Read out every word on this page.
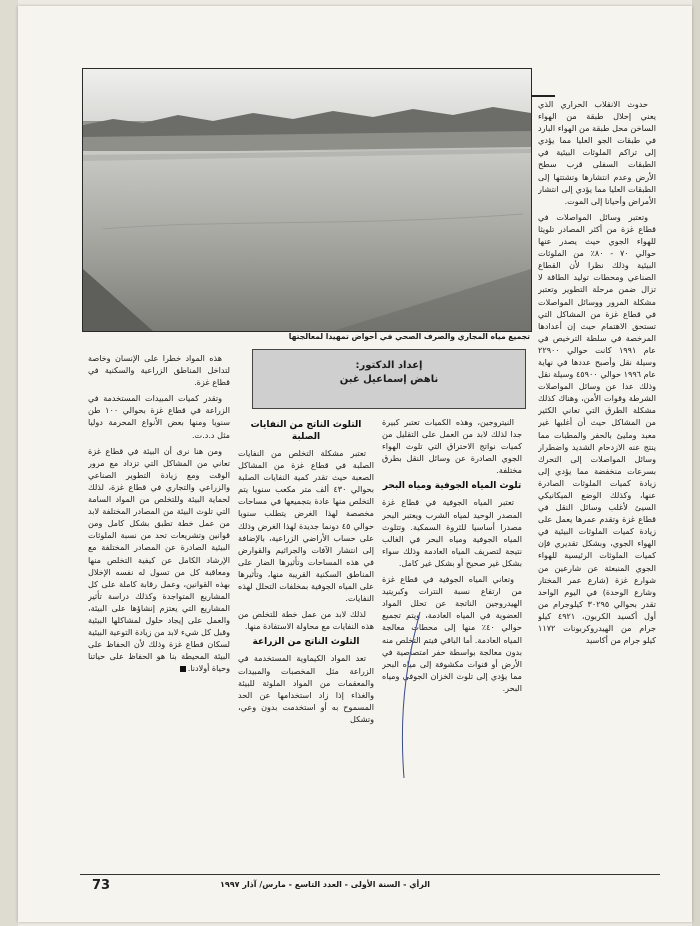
تجميع مياه المجاري والصرف الصحي في أحواض تمهيدا لمعالجتها
إعداد الدكتور:
ناهض إسماعيل غبن

حدوث الانقلاب الحراري الذي يعني إحلال طبقة من الهواء الساخن محل طبقة من الهواء البارد في طبقات الجو العليا مما يؤدي إلى تراكم الملوثات البيئية في الطبقات السفلى قرب سطح الأرض وعدم انتشارها وتشتتها إلى الطبقات العليا مما يؤدي إلى انتشار الأمراض وأحيانا إلى الموت.

وتعتبر وسائل المواصلات في قطاع غزة من أكثر المصادر تلويثا للهواء الجوي حيث يصدر عنها حوالي ٧٠ - ٨٠٪ من الملوثات البيئية وذلك نظرا لأن القطاع الصناعي ومحطات توليد الطاقة لا تزال ضمن مرحلة التطوير وتعتبر مشكلة المرور ووسائل المواصلات في قطاع غزة من المشاكل التي تستحق الاهتمام حيث إن أعدادها المرخصة في سلطة الترخيص في عام ١٩٩١ كانت حوالي ٢٢٩٠٠ وسيلة نقل وأصبح عددها في نهاية عام ١٩٩٦ حوالي ٤٥٩٠٠ وسيلة نقل وذلك عدا عن وسائل المواصلات الشرطة وقوات الأمن، وهناك كذلك مشكلة الطرق التي تعاني الكثير من المشاكل حيث أن أغلبها غير معبد ومليئ بالحفر والمطبات مما ينتج عنه الازدحام الشديد واضطرار وسائل المواصلات إلى التحرك بسرعات منخفضة مما يؤدي إلى زيادة كميات الملوثات الصادرة عنها، وكذلك الوضع الميكانيكي السيئ لأغلب وسائل النقل في قطاع غزة وتقدم عمرها يعمل على زيادة كميات الملوثات البيئية في الهواء الجوي، وبشكل تقديري فإن كميات الملوثات الرئيسية للهواء الجوي المنبعثة عن شارعين من شوارع غزة (شارع عمر المختار وشارع الوحدة) في اليوم الواحد تقدر بحوالي ٣٠٢٩٥ كيلوجرام من أول أكسيد الكربون، ٤٩٢١ كيلو جرام من الهيدروكربونات ١١٧٢ كيلو جرام من أكاسيد

النيتروجين، وهذه الكميات تعتبر كبيرة جدا لذلك لابد من العمل على التقليل من كميات نواتج الاحتراق التي تلوث الهواء الجوي الصادرة عن وسائل النقل بطرق مختلفة.

تلوث المياه الجوفية ومياه البحر

تعتبر المياه الجوفية في قطاع غزة المصدر الوحيد لمياه الشرب ويعتبر البحر مصدرا أساسيا للثروة السمكية. وتتلوث المياه الجوفية ومياه البحر في الغالب نتيجة لتصريف المياه العادمة وذلك سواء بشكل غير صحيح أو بشكل غير كامل.

وتعاني المياه الجوفية في قطاع غزة من ارتفاع نسبة النترات وكبريتيد الهيدروجين الناتجة عن تحلل المواد العضوية في المياه العادمة، ويتم تجميع حوالي ٤٠٪ منها إلى محطات معالجة المياه العادمة. أما الباقي فيتم التخلص منه بدون معالجة بواسطة حفر امتصاصية في الأرض أو قنوات مكشوفة إلى مياه البحر مما يؤدي إلى تلوث الخزان الجوفي ومياه البحر.

التلوث الناتج من النفايات الصلبة

تعتبر مشكلة التخلص من النفايات الصلبة في قطاع غزة من المشاكل الصعبة حيث تقدر كمية النفايات الصلبة بحوالي ٤٣٠ ألف متر مكعب سنويا يتم التخلص منها عادة بتجميعها في مساحات مخصصة لهذا الغرض يتطلب سنويا حوالي ٤٥ دونما جديدة لهذا الغرض وذلك على حساب الأراضي الزراعية، بالإضافة إلى انتشار الآفات والجراثيم والقوارض في هذه المساحات وتأثيرها الضار على المناطق السكنية القريبة منها، وتأثيرها على المياه الجوفية بمخلفات التحلل لهذه النفايات.

لذلك لابد من عمل خطة للتخلص من هذه النفايات مع محاولة الاستفادة منها.

التلوث الناتج من الزراعة

تعد المواد الكيماوية المستخدمة في الزراعة مثل المخصبات والمبيدات والمعقمات من المواد الملوثة للبيئة والغذاء إذا زاد استخدامها عن الحد المسموح به أو استخدمت بدون وعي، وتشكل

هذه المواد خطرا على الإنسان وخاصة لتداخل المناطق الزراعية والسكنية في قطاع غزة.

وتقدر كميات المبيدات المستخدمة في الزراعة في قطاع غزة بحوالي ١٠٠ طن سنويا ومنها بعض الأنواع المحرمة دوليا مثل د.د.ت.

ومن هنا نرى أن البيئة في قطاع غزة تعاني من المشاكل التي تزداد مع مرور الوقت ومع زيادة التطوير الصناعي والزراعي والتجاري في قطاع غزة، لذلك لحماية البيئة وللتخلص من المواد السامة التي تلوث البيئة من المصادر المختلفة لابد من عمل خطة تطبق بشكل كامل ومن قوانين وتشريعات تحد من نسبة الملوثات البيئية الصادرة عن المصادر المختلفة مع الإرشاد الكامل عن كيفية التخلص منها ومعاقبة كل من تسول له نفسه الإخلال بهذه القوانين، وعمل رقابة كاملة على كل المشاريع المتواجدة وكذلك دراسة تأثير المشاريع التي يعتزم إنشاؤها على البيئة، والعمل على إيجاد حلول لمشاكلها البيئية وقبل كل شيء لابد من زيادة التوعية البيئية لسكان قطاع غزة وذلك لأن الحفاظ على البيئة المحيطة بنا هو الحفاظ على حياتنا وحياة أولادنا.

الرأي - السنة الأولى - العدد التاسع - مارس/ آذار ١٩٩٧
73
